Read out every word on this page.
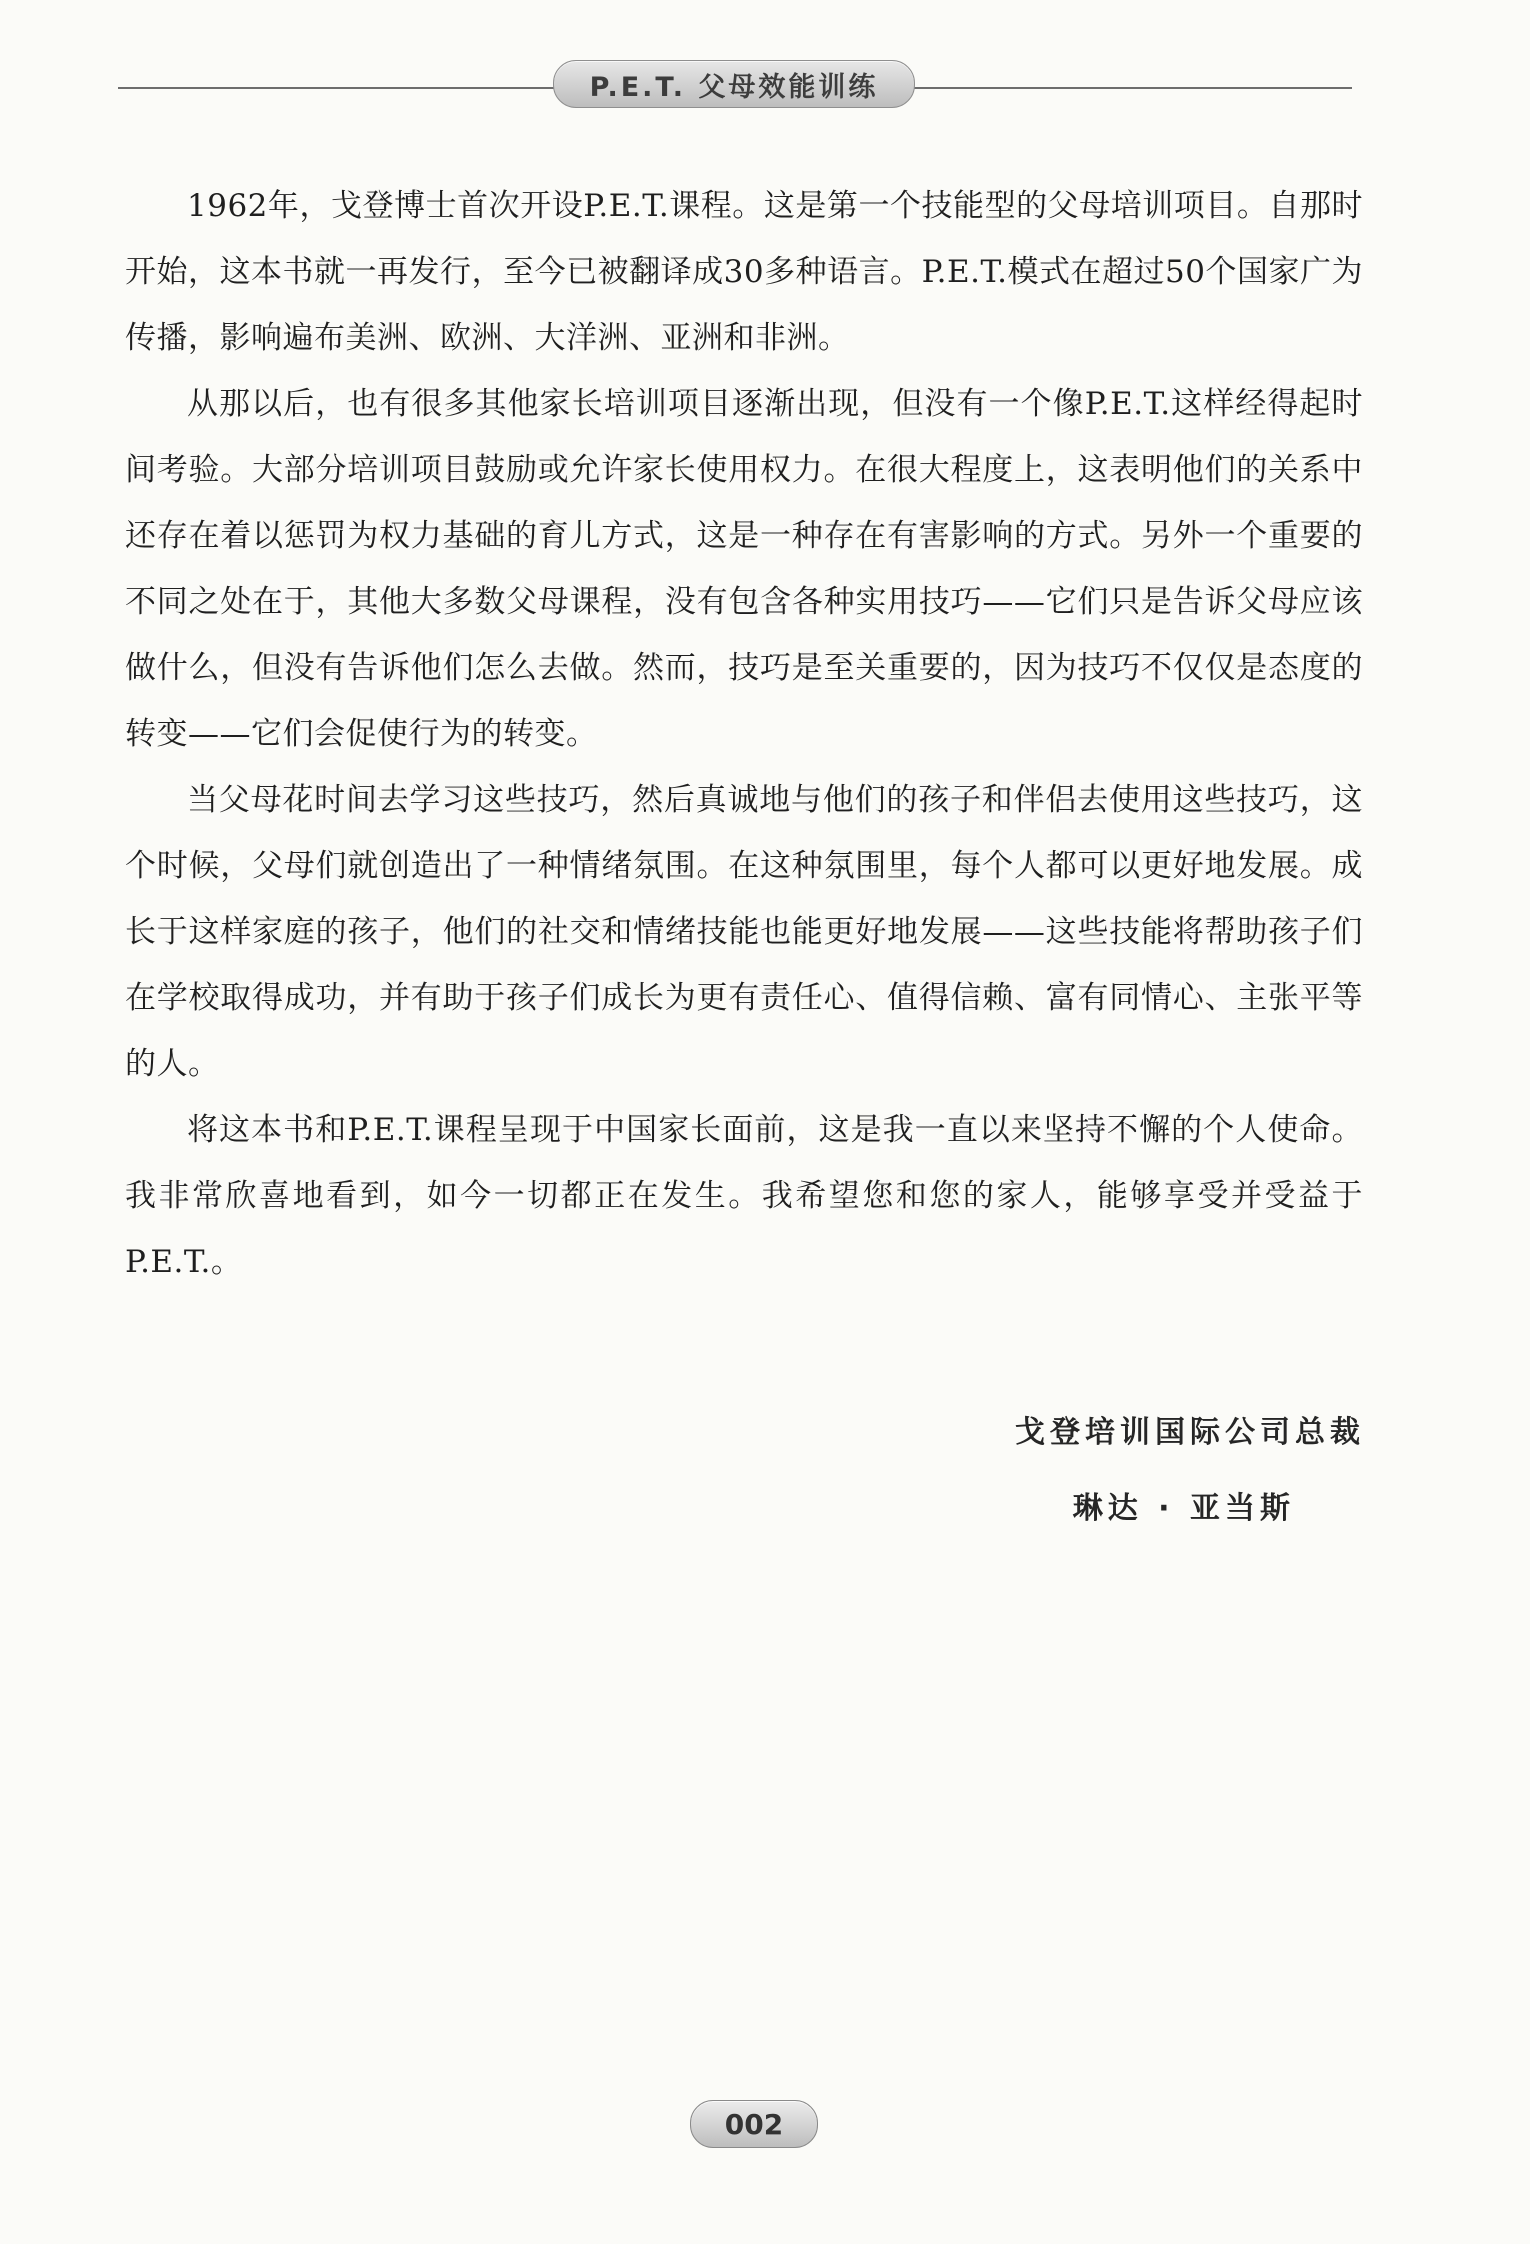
P.E.T. 父母效能训练

1962年，戈登博士首次开设P.E.T.课程。这是第一个技能型的父母培训项目。自那时开始，这本书就一再发行，至今已被翻译成30多种语言。P.E.T.模式在超过50个国家广为传播，影响遍布美洲、欧洲、大洋洲、亚洲和非洲。

从那以后，也有很多其他家长培训项目逐渐出现，但没有一个像P.E.T.这样经得起时间考验。大部分培训项目鼓励或允许家长使用权力。在很大程度上，这表明他们的关系中还存在着以惩罚为权力基础的育儿方式，这是一种存在有害影响的方式。另外一个重要的不同之处在于，其他大多数父母课程，没有包含各种实用技巧——它们只是告诉父母应该做什么，但没有告诉他们怎么去做。然而，技巧是至关重要的，因为技巧不仅仅是态度的转变——它们会促使行为的转变。

当父母花时间去学习这些技巧，然后真诚地与他们的孩子和伴侣去使用这些技巧，这个时候，父母们就创造出了一种情绪氛围。在这种氛围里，每个人都可以更好地发展。成长于这样家庭的孩子，他们的社交和情绪技能也能更好地发展——这些技能将帮助孩子们在学校取得成功，并有助于孩子们成长为更有责任心、值得信赖、富有同情心、主张平等的人。

将这本书和P.E.T.课程呈现于中国家长面前，这是我一直以来坚持不懈的个人使命。我非常欣喜地看到，如今一切都正在发生。我希望您和您的家人，能够享受并受益于P.E.T.。

戈登培训国际公司总裁

琳达 · 亚当斯

002
